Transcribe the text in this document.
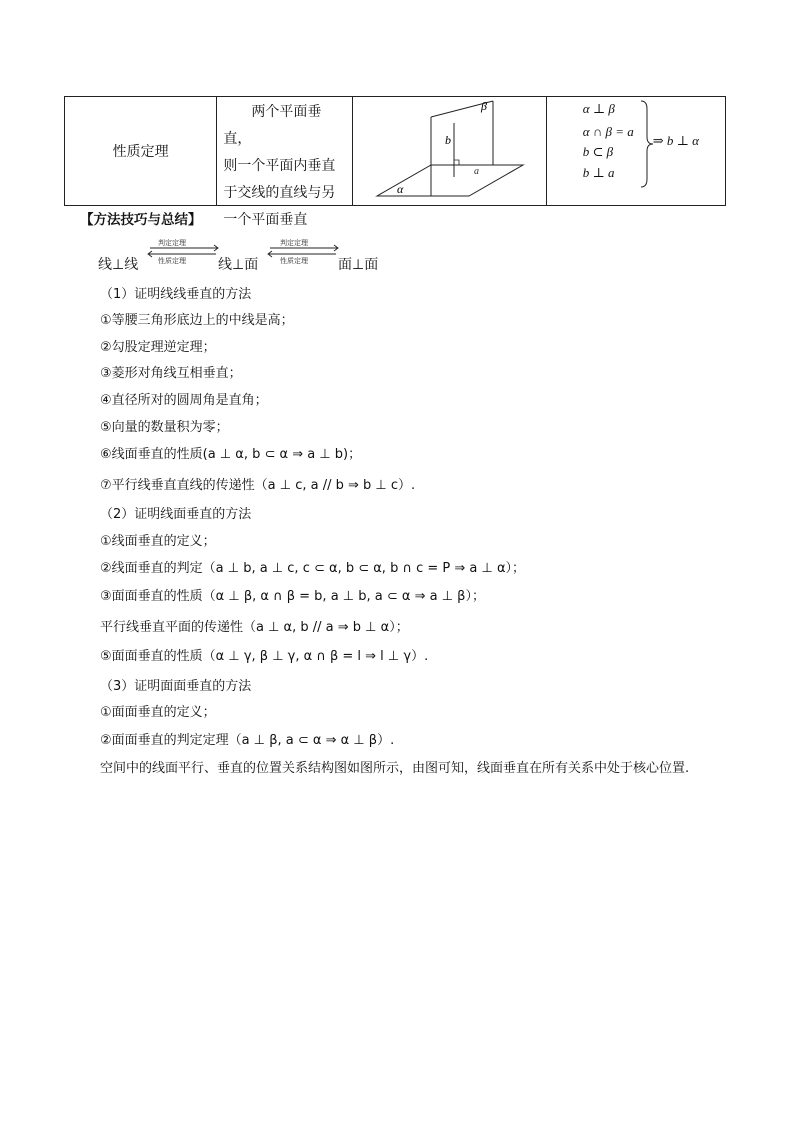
性质定理
两个平面垂直，
则一个平面内垂直
于交线的直线与另
一个平面垂直
β
b
a
α
α ⊥ β
α ∩ β = a
b ⊂ β
b ⊥ a
⇒ b ⊥ α
【方法技巧与总结】
线⊥线
判定定理
性质定理 线⊥面
判定定理
性质定理 面⊥面
（1）证明线线垂直的方法
①等腰三角形底边上的中线是高；
②勾股定理逆定理；
③菱形对角线互相垂直；
④直径所对的圆周角是直角；
⑤向量的数量积为零；
⑥线面垂直的性质(a ⊥ α, b ⊂ α ⇒ a ⊥ b)；
⑦平行线垂直直线的传递性（a ⊥ c, a // b ⇒ b ⊥ c）.
（2）证明线面垂直的方法
①线面垂直的定义；
②线面垂直的判定（a ⊥ b, a ⊥ c, c ⊂ α, b ⊂ α, b ∩ c = P ⇒ a ⊥ α）；
③面面垂直的性质（α ⊥ β, α ∩ β = b, a ⊥ b, a ⊂ α ⇒ a ⊥ β）；
平行线垂直平面的传递性（a ⊥ α, b // a ⇒ b ⊥ α）；
⑤面面垂直的性质（α ⊥ γ, β ⊥ γ, α ∩ β = l ⇒ l ⊥ γ）.
（3）证明面面垂直的方法
①面面垂直的定义；
②面面垂直的判定定理（a ⊥ β, a ⊂ α ⇒ α ⊥ β）.
空间中的线面平行、垂直的位置关系结构图如图所示，由图可知，线面垂直在所有关系中处于核心位置.
